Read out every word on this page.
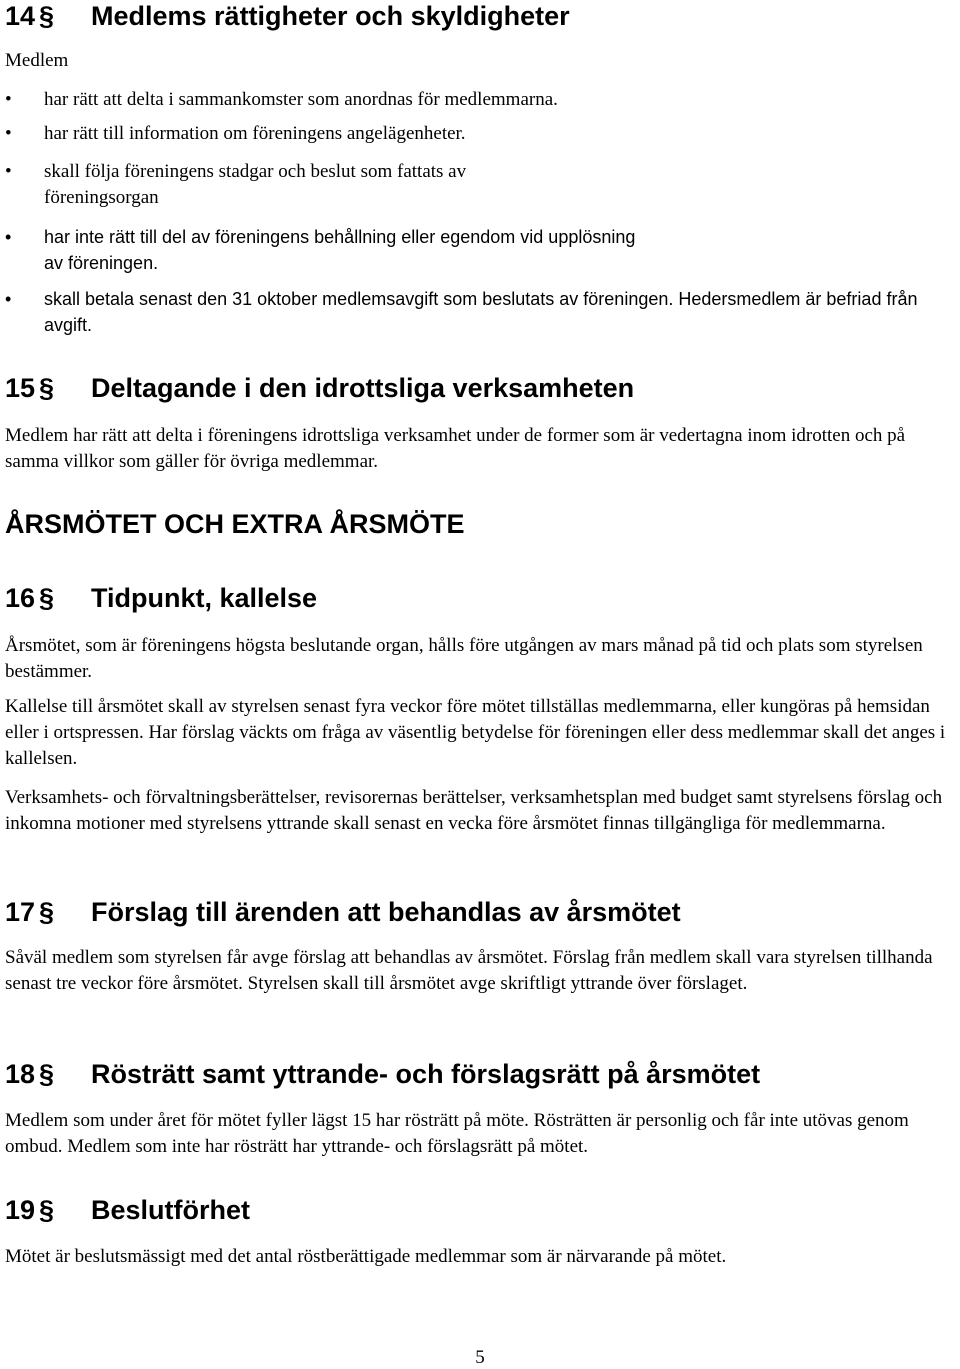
14 § Medlems rättigheter och skyldigheter
Medlem
• har rätt att delta i sammankomster som anordnas för medlemmarna.
• har rätt till information om föreningens angelägenheter.
• skall följa föreningens stadgar och beslut som fattats av föreningsorgan
•	har inte rätt till del av föreningens behållning eller egendom vid upplösning av föreningen.
•	skall betala senast den 31 oktober medlemsavgift som beslutats av föreningen. Hedersmedlem är befriad från avgift.
15 § Deltagande i den idrottsliga verksamheten
Medlem har rätt att delta i föreningens idrottsliga verksamhet under de former som är vedertagna inom idrotten och på samma villkor som gäller för övriga medlemmar.
ÅRSMÖTET OCH EXTRA ÅRSMÖTE
16 § Tidpunkt, kallelse
Årsmötet, som är föreningens högsta beslutande organ, hålls före utgången av mars månad på tid och plats som styrelsen bestämmer.
Kallelse till årsmötet skall av styrelsen senast fyra veckor före mötet tillställas medlemmarna, eller kungöras på hemsidan eller i ortspressen. Har förslag väckts om fråga av väsentlig betydelse för föreningen eller dess medlemmar skall det anges i kallelsen.
Verksamhets- och förvaltningsberättelser, revisorernas berättelser, verksamhetsplan med budget samt styrelsens förslag och inkomna motioner med styrelsens yttrande skall senast en vecka före årsmötet finnas tillgängliga för medlemmarna.
17 § Förslag till ärenden att behandlas av årsmötet
Såväl medlem som styrelsen får avge förslag att behandlas av årsmötet. Förslag från medlem skall vara styrelsen tillhanda senast tre veckor före årsmötet. Styrelsen skall till årsmötet avge skriftligt yttrande över förslaget.
18 § Rösträtt samt yttrande- och förslagsrätt på årsmötet
Medlem som under året för mötet fyller lägst 15 har rösträtt på möte. Rösträtten är personlig och får inte utövas genom ombud. Medlem som inte har rösträtt har yttrande- och förslagsrätt på mötet.
19 § Beslutförhet
Mötet är beslutsmässigt med det antal röstberättigade medlemmar som är närvarande på mötet.
5
